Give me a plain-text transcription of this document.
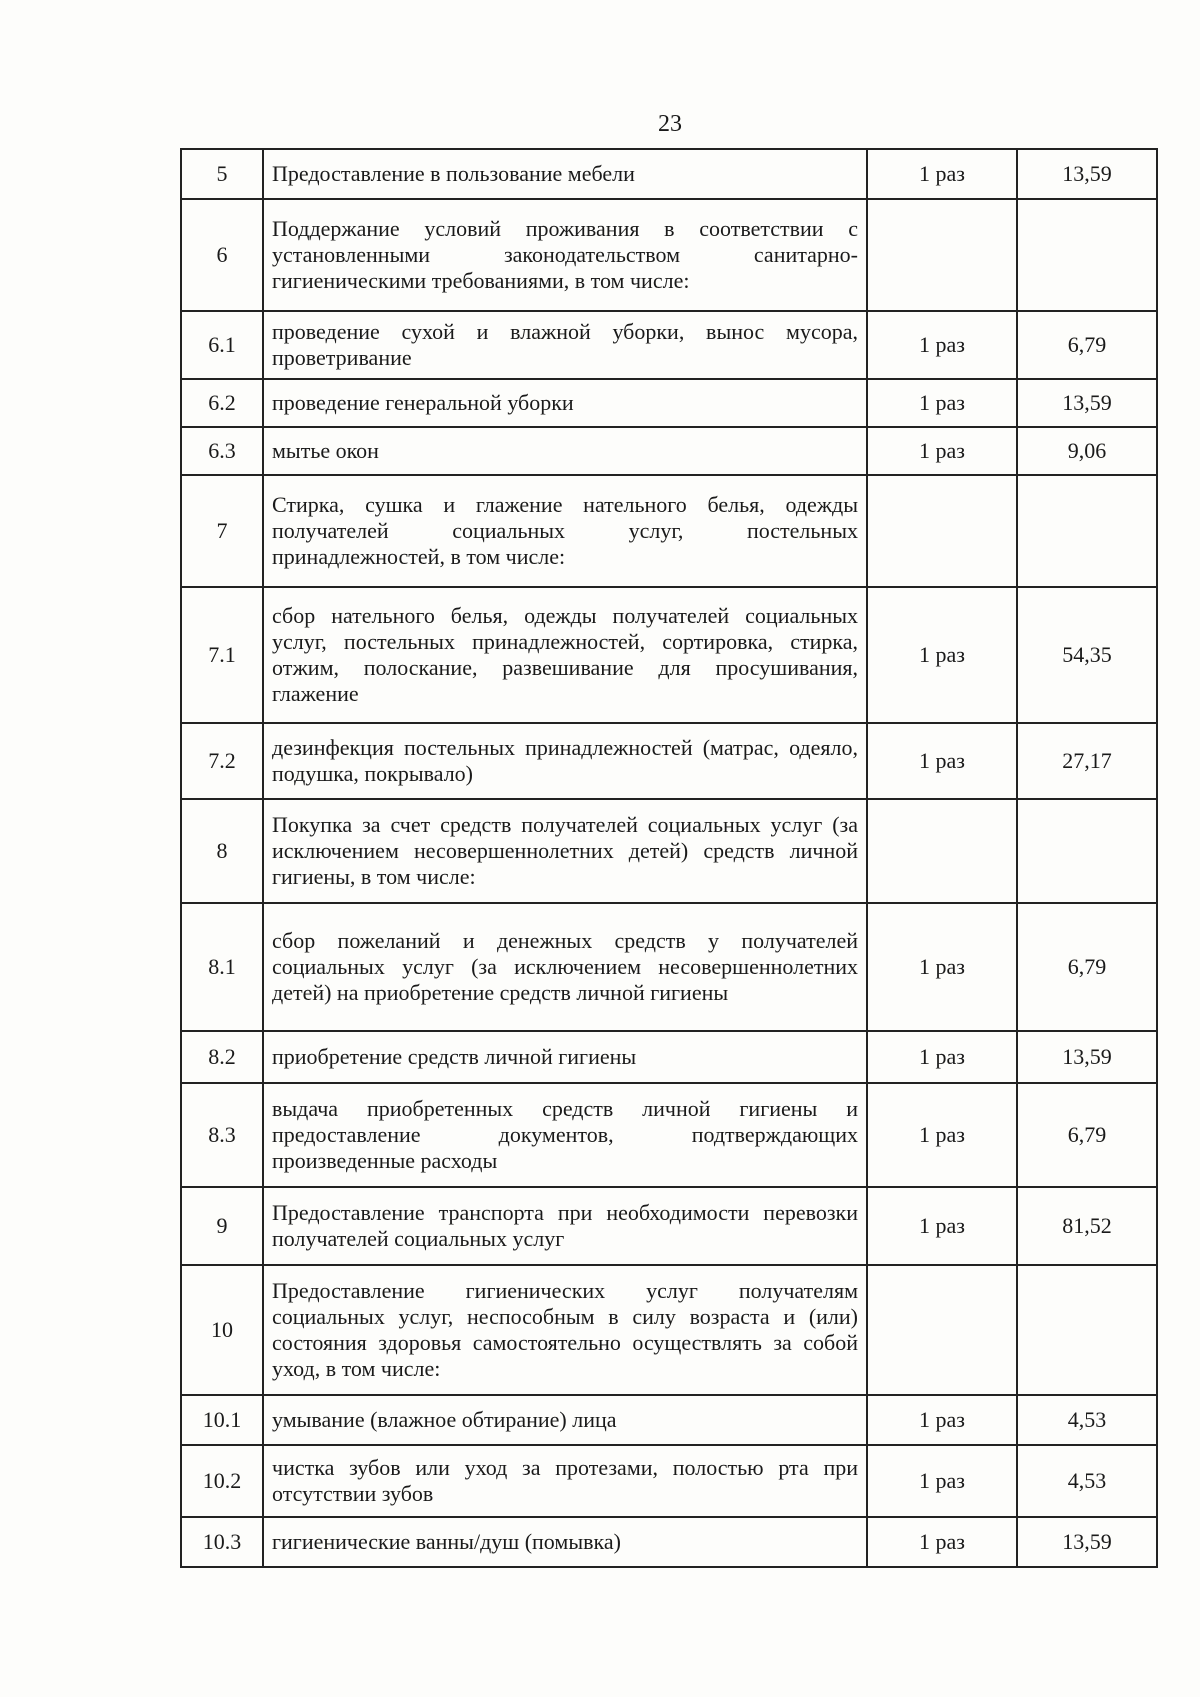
23
5	Предоставление в пользование мебели	1 раз	13,59
6	Поддержание условий проживания в соответствии с установленными законодательством санитарно-гигиеническими требованиями, в том числе:		
6.1	проведение сухой и влажной уборки, вынос мусора, проветривание	1 раз	6,79
6.2	проведение генеральной уборки	1 раз	13,59
6.3	мытье окон	1 раз	9,06
7	Стирка, сушка и глажение нательного белья, одежды получателей социальных услуг, постельных принадлежностей, в том числе:		
7.1	сбор нательного белья, одежды получателей социальных услуг, постельных принадлежностей, сортировка, стирка, отжим, полоскание, развешивание для просушивания, глажение	1 раз	54,35
7.2	дезинфекция постельных принадлежностей (матрас, одеяло, подушка, покрывало)	1 раз	27,17
8	Покупка за счет средств получателей социальных услуг (за исключением несовершеннолетних детей) средств личной гигиены, в том числе:		
8.1	сбор пожеланий и денежных средств у получателей социальных услуг (за исключением несовершеннолетних детей) на приобретение средств личной гигиены	1 раз	6,79
8.2	приобретение средств личной гигиены	1 раз	13,59
8.3	выдача приобретенных средств личной гигиены и предоставление документов, подтверждающих произведенные расходы	1 раз	6,79
9	Предоставление транспорта при необходимости перевозки получателей социальных услуг	1 раз	81,52
10	Предоставление гигиенических услуг получателям социальных услуг, неспособным в силу возраста и (или) состояния здоровья самостоятельно осуществлять за собой уход, в том числе:		
10.1	умывание (влажное обтирание) лица	1 раз	4,53
10.2	чистка зубов или уход за протезами, полостью рта при отсутствии зубов	1 раз	4,53
10.3	гигиенические ванны/душ (помывка)	1 раз	13,59
